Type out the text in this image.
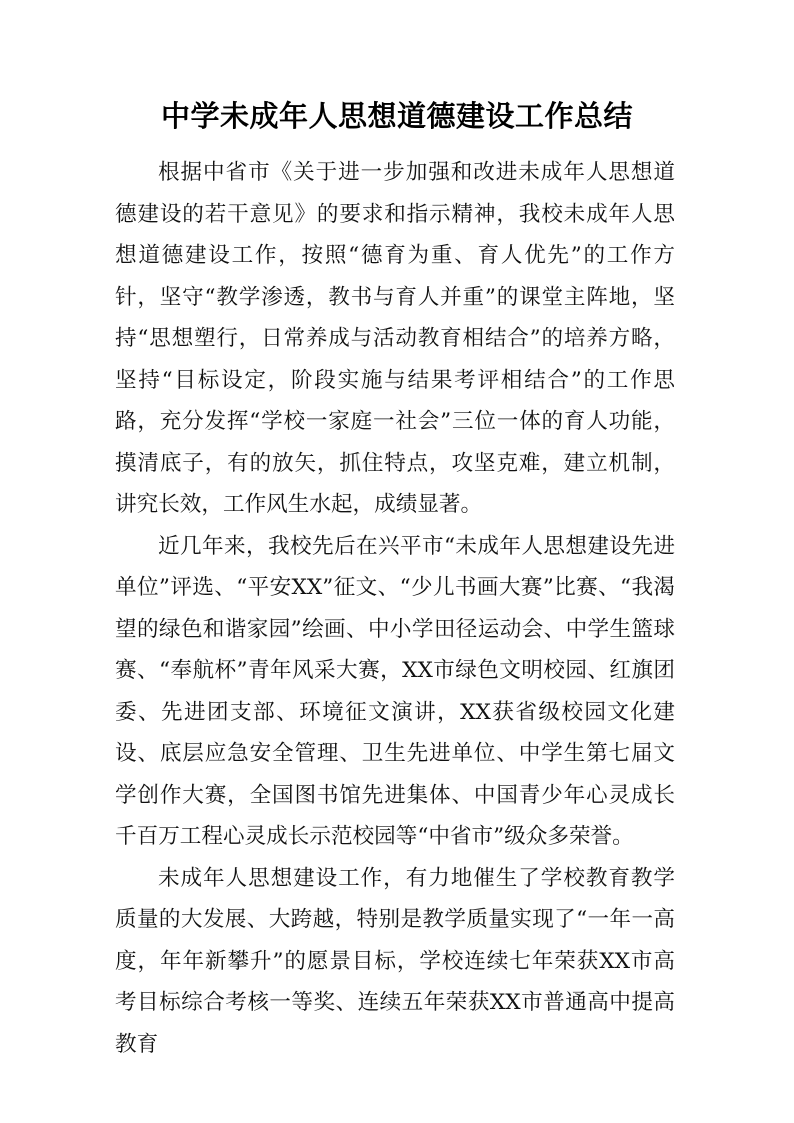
中学未成年人思想道德建设工作总结

根据中省市《关于进一步加强和改进未成年人思想道德建设的若干意见》的要求和指示精神，我校未成年人思想道德建设工作，按照“德育为重、育人优先”的工作方针，坚守“教学渗透，教书与育人并重”的课堂主阵地，坚持“思想塑行，日常养成与活动教育相结合”的培养方略，坚持“目标设定，阶段实施与结果考评相结合”的工作思路，充分发挥“学校一家庭一社会”三位一体的育人功能，摸清底子，有的放矢，抓住特点，攻坚克难，建立机制，讲究长效，工作风生水起，成绩显著。

近几年来，我校先后在兴平市“未成年人思想建设先进单位”评选、“平安XX”征文、“少儿书画大赛”比赛、“我渴望的绿色和谐家园”绘画、中小学田径运动会、中学生篮球赛、“奉航杯”青年风采大赛，XX市绿色文明校园、红旗团委、先进团支部、环境征文演讲，XX获省级校园文化建设、底层应急安全管理、卫生先进单位、中学生第七届文学创作大赛，全国图书馆先进集体、中国青少年心灵成长千百万工程心灵成长示范校园等“中省市”级众多荣誉。

未成年人思想建设工作，有力地催生了学校教育教学质量的大发展、大跨越，特别是教学质量实现了“一年一高度，年年新攀升”的愿景目标，学校连续七年荣获XX市高考目标综合考核一等奖、连续五年荣获XX市普通高中提高教育
